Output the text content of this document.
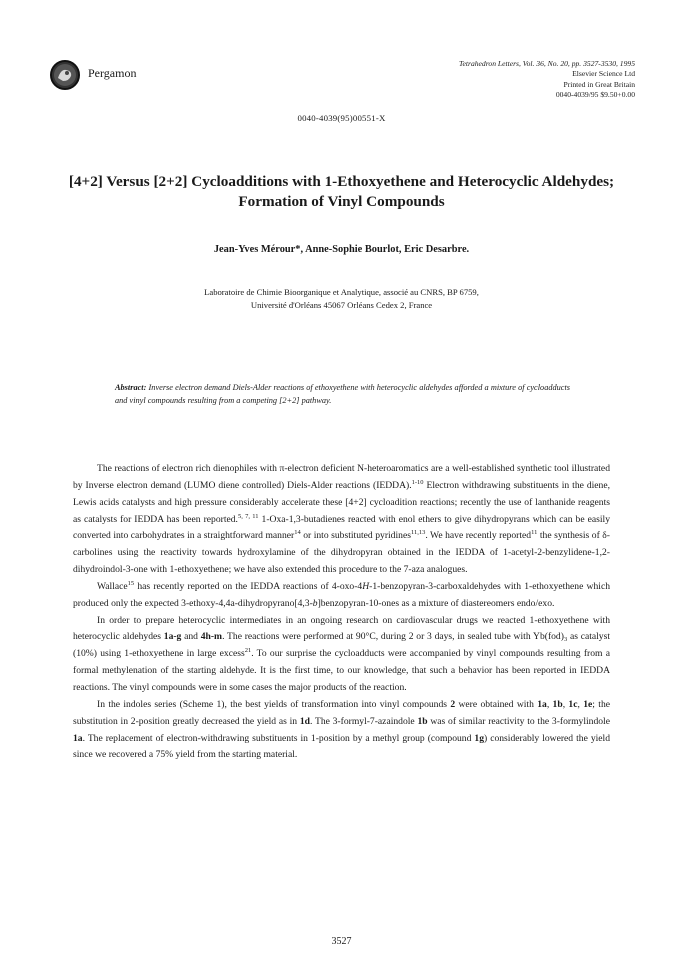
Pergamon
Tetrahedron Letters, Vol. 36, No. 20, pp. 3527-3530, 1995
Elsevier Science Ltd
Printed in Great Britain
0040-4039/95 $9.50+0.00
0040-4039(95)00551-X
[4+2] Versus [2+2] Cycloadditions with 1-Ethoxyethene and Heterocyclic Aldehydes; Formation of Vinyl Compounds
Jean-Yves Mérour*, Anne-Sophie Bourlot, Eric Desarbre.
Laboratoire de Chimie Bioorganique et Analytique, associé au CNRS, BP 6759,
Université d'Orléans 45067 Orléans Cedex 2, France
Abstract: Inverse electron demand Diels-Alder reactions of ethoxyethene with heterocyclic aldehydes afforded a mixture of cycloadducts and vinyl compounds resulting from a competing [2+2] pathway.

The reactions of electron rich dienophiles with π-electron deficient N-heteroaromatics are a well-established synthetic tool illustrated by Inverse electron demand (LUMO diene controlled) Diels-Alder reactions (IEDDA).$^{1-10}$ Electron withdrawing substituents in the diene, Lewis acids catalysts and high pressure considerably accelerate these [4+2] cycloadition reactions; recently the use of lanthanide reagents as catalysts for IEDDA has been reported.$^{5, 7, 11}$ 1-Oxa-1,3-butadienes reacted with enol ethers to give dihydropyrans which can be easily converted into carbohydrates in a straightforward manner$^{14}$ or into substituted pyridines$^{11,13}$. We have recently reported$^{11}$ the synthesis of δ-carbolines using the reactivity towards hydroxylamine of the dihydropyran obtained in the IEDDA of 1-acetyl-2-benzylidene-1,2-dihydroindol-3-one with 1-ethoxyethene; we have also extended this procedure to the 7-aza analogues.

Wallace$^{15}$ has recently reported on the IEDDA reactions of 4-oxo-4H-1-benzopyran-3-carboxaldehydes with 1-ethoxyethene which produced only the expected 3-ethoxy-4,4a-dihydropyrano[4,3-b]benzopyran-10-ones as a mixture of diastereomers endo/exo.

In order to prepare heterocyclic intermediates in an ongoing research on cardiovascular drugs we reacted 1-ethoxyethene with heterocyclic aldehydes 1a-g and 4h-m. The reactions were performed at 90°C, during 2 or 3 days, in sealed tube with $Yb(fod)_3$ as catalyst (10%) using 1-ethoxyethene in large excess$^{21}$. To our surprise the cycloadducts were accompanied by vinyl compounds resulting from a formal methylenation of the starting aldehyde. It is the first time, to our knowledge, that such a behavior has been reported in IEDDA reactions. The vinyl compounds were in some cases the major products of the reaction.

In the indoles series (Scheme 1), the best yields of transformation into vinyl compounds 2 were obtained with 1a, 1b, 1c, 1e; the substitution in 2-position greatly decreased the yield as in 1d. The 3-formyl-7-azaindole 1b was of similar reactivity to the 3-formylindole 1a. The replacement of electron-withdrawing substituents in 1-position by a methyl group (compound 1g) considerably lowered the yield since we recovered a 75% yield from the starting material.

3527
